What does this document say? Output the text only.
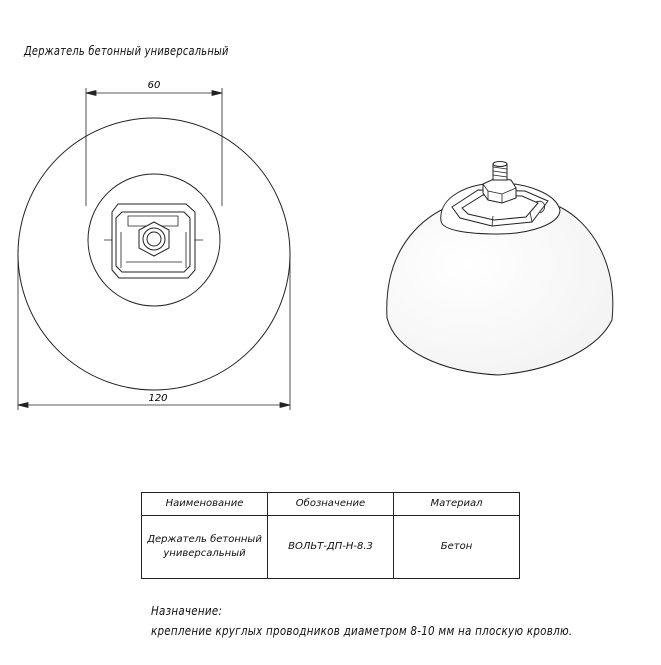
Держатель бетонный универсальный
60
120
Наименование	Обозначение	Материал

Держатель бетонный
универсальный	ВОЛЬТ-ДП-Н-8.3	Бетон
Назначение:
крепление круглых проводников диаметром 8-10 мм на плоскую кровлю.
